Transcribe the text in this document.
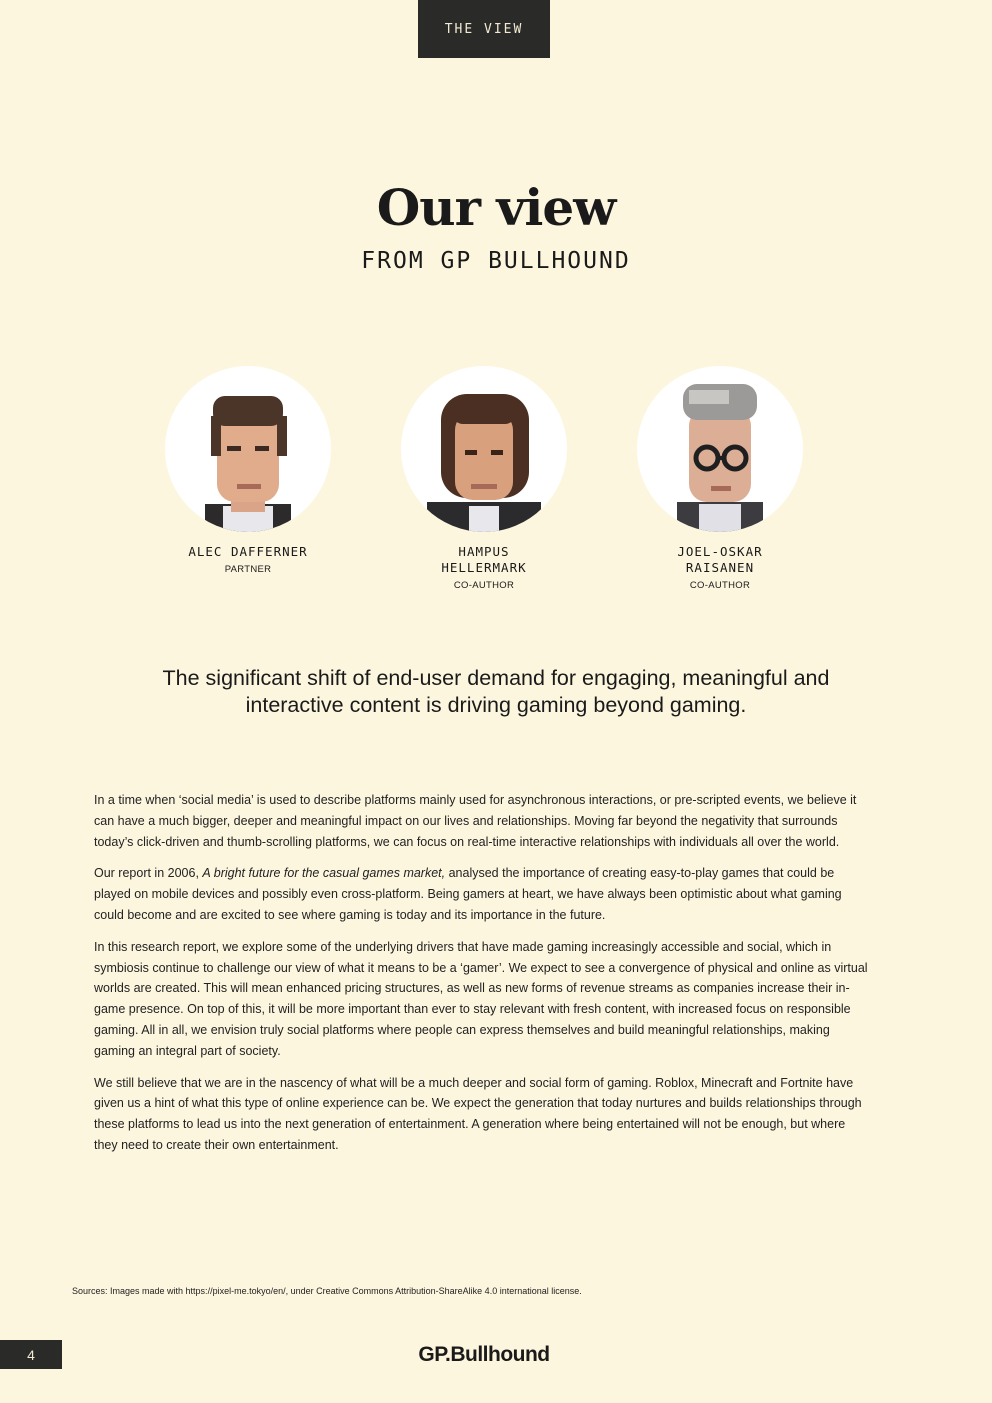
THE VIEW
Our view
FROM GP BULLHOUND
ALEC DAFFERNER
PARTNER
HAMPUS HELLERMARK
CO-AUTHOR
JOEL-OSKAR RAISANEN
CO-AUTHOR
The significant shift of end-user demand for engaging, meaningful and interactive content is driving gaming beyond gaming.

In a time when ‘social media’ is used to describe platforms mainly used for asynchronous interactions, or pre-scripted events, we believe it can have a much bigger, deeper and meaningful impact on our lives and relationships. Moving far beyond the negativity that surrounds today’s click-driven and thumb-scrolling platforms, we can focus on real-time interactive relationships with individuals all over the world.

Our report in 2006, A bright future for the casual games market, analysed the importance of creating easy-to-play games that could be played on mobile devices and possibly even cross-platform. Being gamers at heart, we have always been optimistic about what gaming could become and are excited to see where gaming is today and its importance in the future.

In this research report, we explore some of the underlying drivers that have made gaming increasingly accessible and social, which in symbiosis continue to challenge our view of what it means to be a ‘gamer’. We expect to see a convergence of physical and online as virtual worlds are created. This will mean enhanced pricing structures, as well as new forms of revenue streams as companies increase their in-game presence. On top of this, it will be more important than ever to stay relevant with fresh content, with increased focus on responsible gaming. All in all, we envision truly social platforms where people can express themselves and build meaningful relationships, making gaming an integral part of society.

We still believe that we are in the nascency of what will be a much deeper and social form of gaming. Roblox, Minecraft and Fortnite have given us a hint of what this type of online experience can be. We expect the generation that today nurtures and builds relationships through these platforms to lead us into the next generation of entertainment. A generation where being entertained will not be enough, but where they need to create their own entertainment.

Sources: Images made with https://pixel-me.tokyo/en/, under Creative Commons Attribution-ShareAlike 4.0 international license.
4	GP.Bullhound
